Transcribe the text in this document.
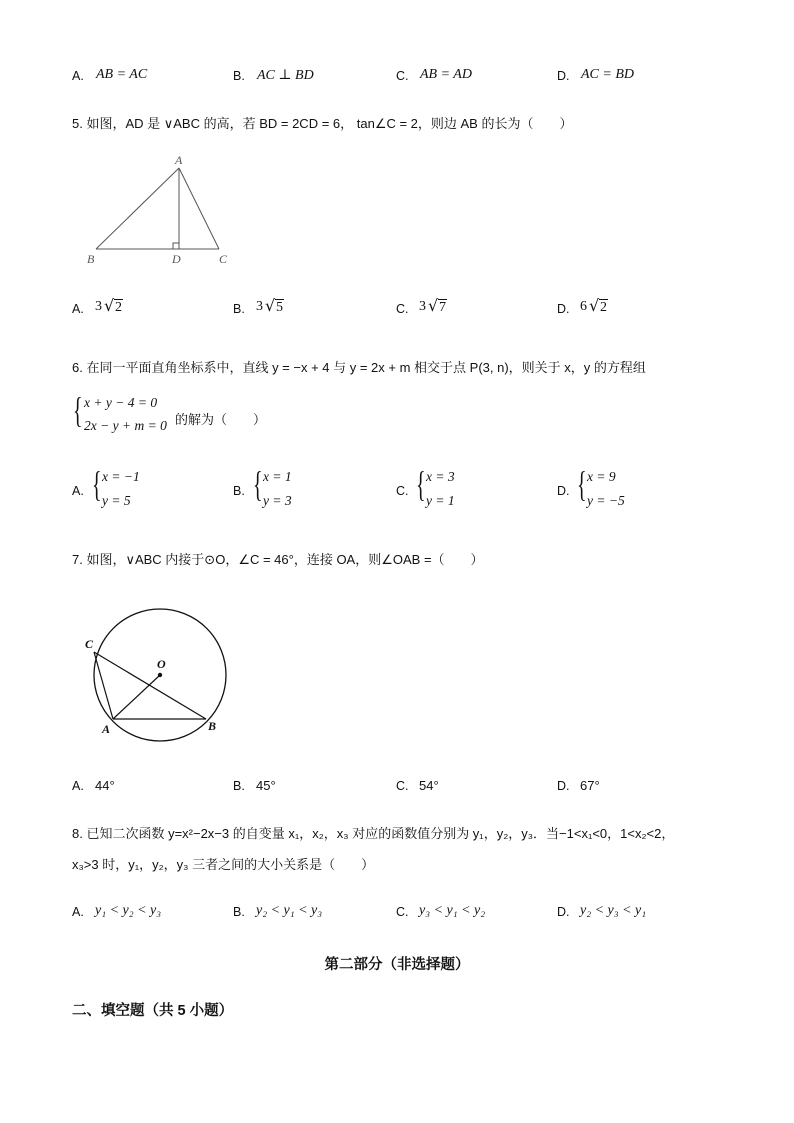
A. AB = AC	B. AC ⊥ BD	C. AB = AD	D. AC = BD
5. 如图，AD 是 ∨ABC 的高，若 BD = 2CD = 6， tan∠C = 2，则边 AB 的长为（　　）
A
B	D	C
A. 3 √ 2	B. 3 √ 5	C. 3 √ 7	D. 6 √ 2
6. 在同一平面直角坐标系中，直线 y = −x + 4 与 y = 2x + m 相交于点 P(3, n)，则关于 x，y 的方程组
{ x + y − 4 = 0
2x − y + m = 0 的解为（　　）
A. { x = −1
y = 5
B. { x = 1
y = 3
C. { x = 3
y = 1
D. { x = 9
y = −5
7. 如图，∨ABC 内接于⊙O，∠C = 46°，连接 OA，则∠OAB =（　　）
O
C
A	B
A. 44°	B. 45°	C. 54°	D. 67°
8. 已知二次函数 y=x²−2x−3 的自变量 x₁，x₂，x₃ 对应的函数值分别为 y₁，y₂，y₃．当−1<x₁<0，1<x₂<2，
x₃>3 时，y₁，y₂，y₃ 三者之间的大小关系是（　　）
A. y₁ < y₂ < y₃	B. y₂ < y₁ < y₃	C. y₃ < y₁ < y₂	D. y₂ < y₃ < y₁
第二部分（非选择题）
二、填空题（共 5 小题）
